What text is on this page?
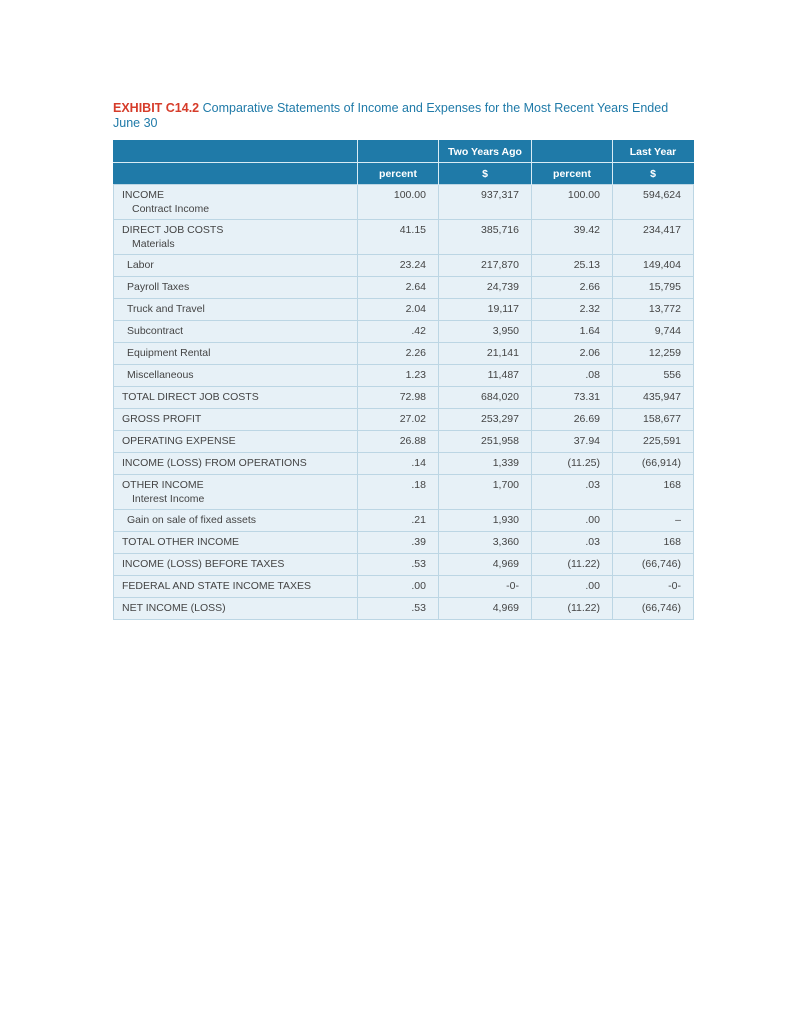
EXHIBIT C14.2 Comparative Statements of Income and Expenses for the Most Recent Years Ended June 30
		Two Years Ago		Last Year
	percent	$	percent	$
INCOME
Contract Income	100.00	937,317	100.00	594,624
DIRECT JOB COSTS
Materials	41.15	385,716	39.42	234,417
Labor	23.24	217,870	25.13	149,404
Payroll Taxes	2.64	24,739	2.66	15,795
Truck and Travel	2.04	19,117	2.32	13,772
Subcontract	.42	3,950	1.64	9,744
Equipment Rental	2.26	21,141	2.06	12,259
Miscellaneous	1.23	11,487	.08	556
TOTAL DIRECT JOB COSTS	72.98	684,020	73.31	435,947
GROSS PROFIT	27.02	253,297	26.69	158,677
OPERATING EXPENSE	26.88	251,958	37.94	225,591
INCOME (LOSS) FROM OPERATIONS	.14	1,339	(11.25)	(66,914)
OTHER INCOME
Interest Income	.18	1,700	.03	168
Gain on sale of fixed assets	.21	1,930	.00	–
TOTAL OTHER INCOME	.39	3,360	.03	168
INCOME (LOSS) BEFORE TAXES	.53	4,969	(11.22)	(66,746)
FEDERAL AND STATE INCOME TAXES	.00	-0-	.00	-0-
NET INCOME (LOSS)	.53	4,969	(11.22)	(66,746)
